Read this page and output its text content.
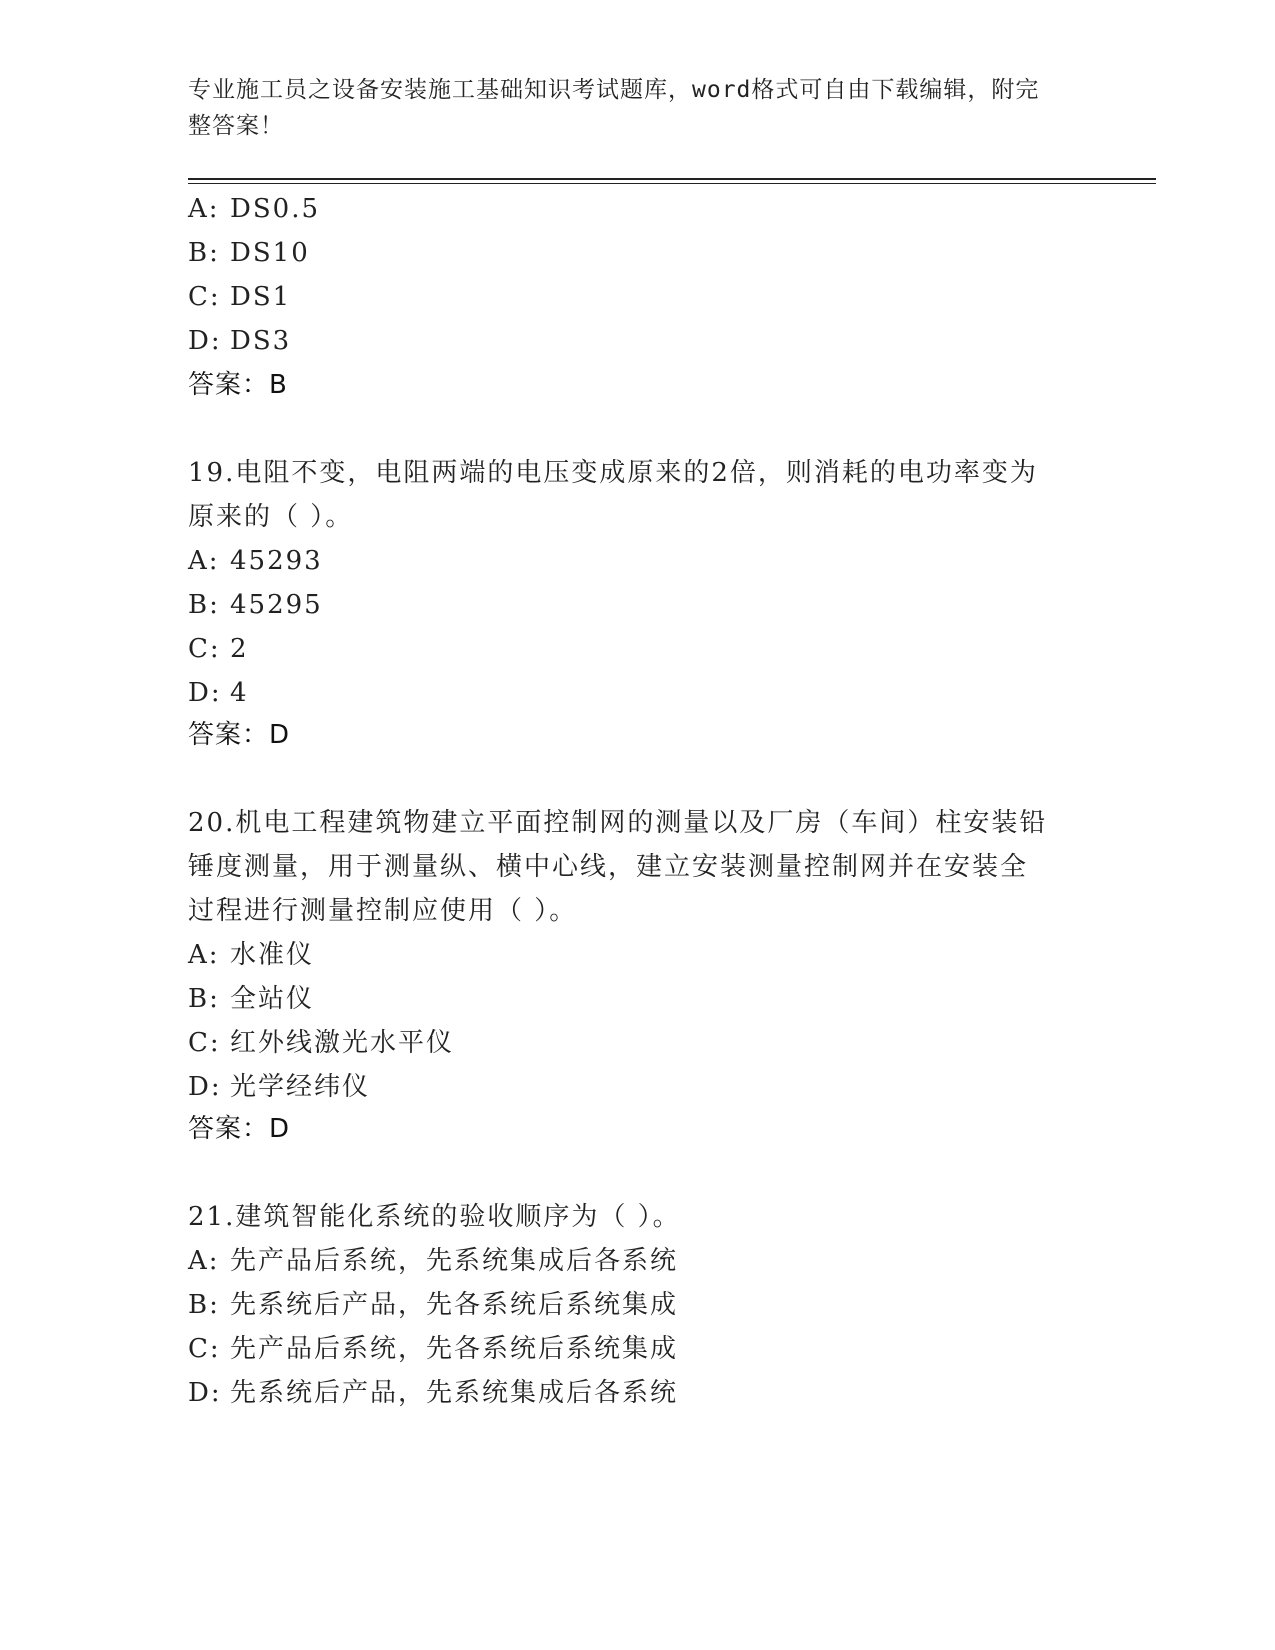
专业施工员之设备安装施工基础知识考试题库，word格式可自由下载编辑，附完
整答案！
A: DS0.5
B: DS10
C: DS1
D: DS3
答案：B
19.电阻不变，电阻两端的电压变成原来的2倍，则消耗的电功率变为
原来的（ ）。
A: 45293
B: 45295
C: 2
D: 4
答案：D
20.机电工程建筑物建立平面控制网的测量以及厂房（车间）柱安装铅
锤度测量，用于测量纵、横中心线，建立安装测量控制网并在安装全
过程进行测量控制应使用（ ）。
A: 水准仪
B: 全站仪
C: 红外线激光水平仪
D: 光学经纬仪
答案：D
21.建筑智能化系统的验收顺序为（ ）。
A: 先产品后系统，先系统集成后各系统
B: 先系统后产品，先各系统后系统集成
C: 先产品后系统，先各系统后系统集成
D: 先系统后产品，先系统集成后各系统
